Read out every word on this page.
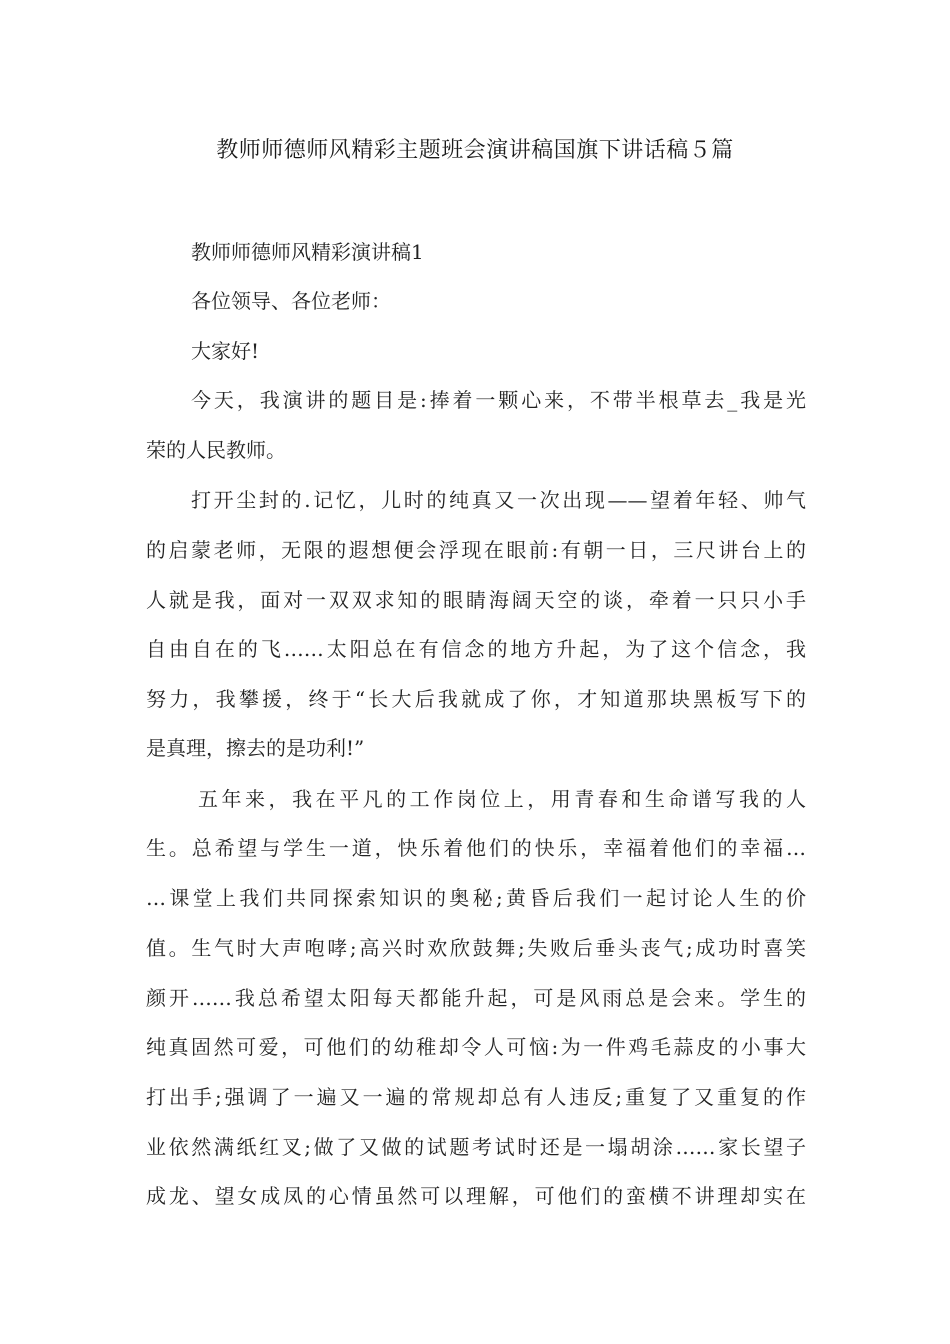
教师师德师风精彩主题班会演讲稿国旗下讲话稿５篇
教师师德师风精彩演讲稿1
各位领导、各位老师：
大家好!
今天，我演讲的题目是:捧着一颗心来，不带半根草去_我是光
荣的人民教师。
打开尘封的.记忆，儿时的纯真又一次出现——望着年轻、帅气
的启蒙老师，无限的遐想便会浮现在眼前:有朝一日，三尺讲台上的
人就是我，面对一双双求知的眼睛海阔天空的谈，牵着一只只小手
自由自在的飞……太阳总在有信念的地方升起，为了这个信念，我
努力，我攀援，终于“长大后我就成了你，才知道那块黑板写下的
是真理，擦去的是功利!”
五年来，我在平凡的工作岗位上，用青春和生命谱写我的人
生。总希望与学生一道，快乐着他们的快乐，幸福着他们的幸福…
…课堂上我们共同探索知识的奥秘;黄昏后我们一起讨论人生的价
值。生气时大声咆哮;高兴时欢欣鼓舞;失败后垂头丧气;成功时喜笑
颜开……我总希望太阳每天都能升起，可是风雨总是会来。学生的
纯真固然可爱，可他们的幼稚却令人可恼:为一件鸡毛蒜皮的小事大
打出手;强调了一遍又一遍的常规却总有人违反;重复了又重复的作
业依然满纸红叉;做了又做的试题考试时还是一塌胡涂……家长望子
成龙、望女成凤的心情虽然可以理解，可他们的蛮横不讲理却实在
